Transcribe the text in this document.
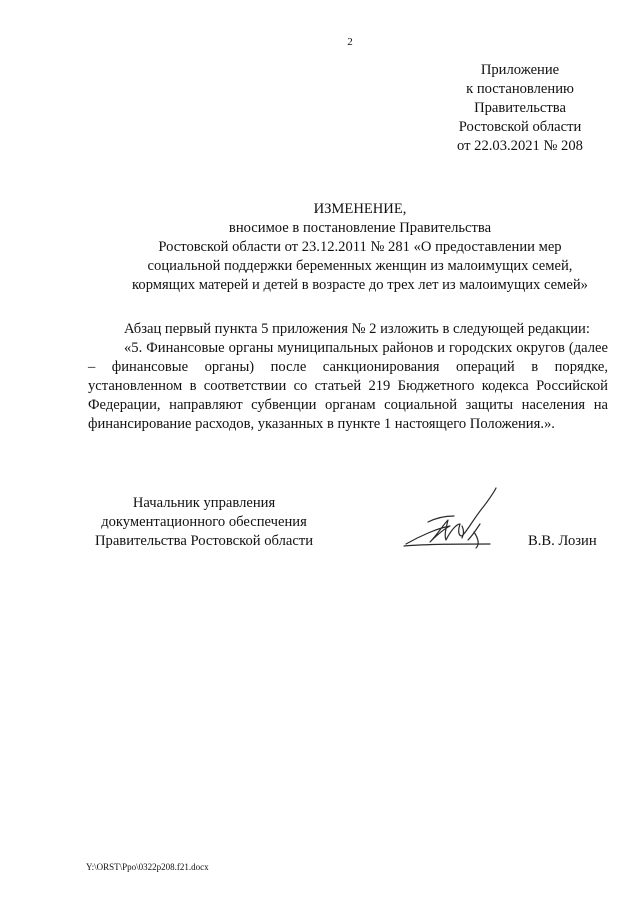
2
Приложение
к постановлению
Правительства
Ростовской области
от 22.03.2021 № 208
ИЗМЕНЕНИЕ,
вносимое в постановление Правительства
Ростовской области от 23.12.2011 № 281 «О предоставлении мер
социальной поддержки беременных женщин из малоимущих семей,
кормящих матерей и детей в возрасте до трех лет из малоимущих семей»

Абзац первый пункта 5 приложения № 2 изложить в следующей редакции:

«5. Финансовые органы муниципальных районов и городских округов (далее – финансовые органы) после санкционирования операций в порядке, установленном в соответствии со статьей 219 Бюджетного кодекса Российской Федерации, направляют субвенции органам социальной защиты населения на финансирование расходов, указанных в пункте 1 настоящего Положения.».

Начальник управления
документационного обеспечения
Правительства Ростовской области	В.В. Лозин
Y:\ORST\Ppo\0322p208.f21.docx
